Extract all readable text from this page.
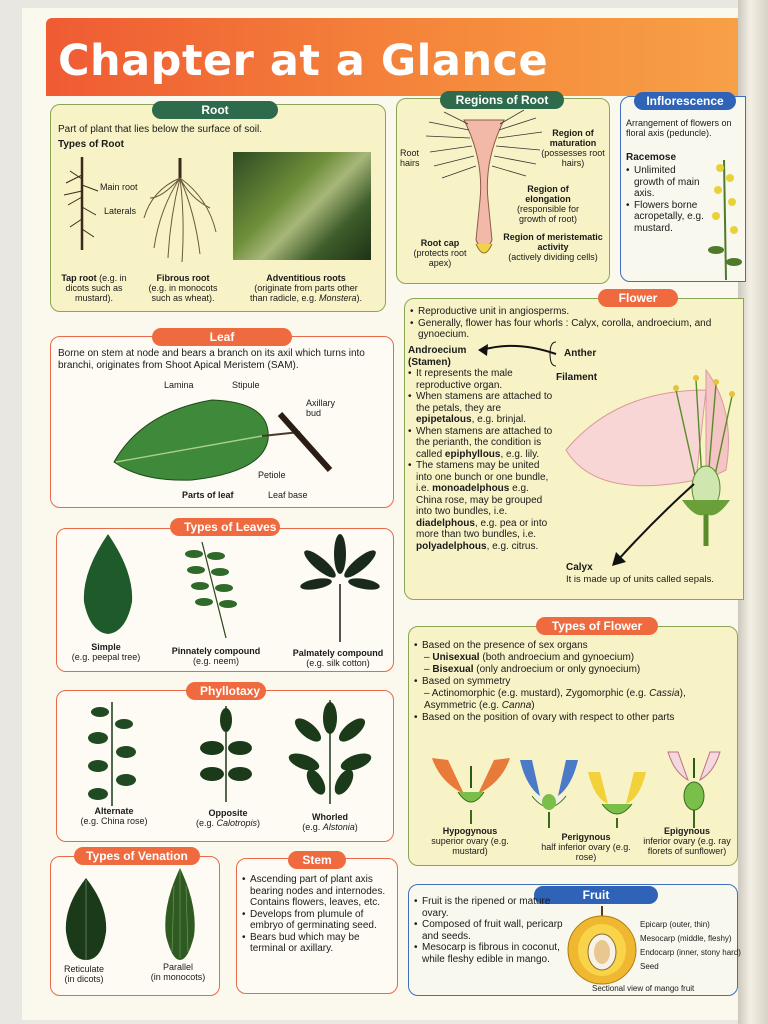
Chapter at a Glance
Root
Part of plant that lies below the surface of soil.
Types of Root
Main root
Laterals
Tap root (e.g. in dicots such as mustard).
Fibrous root
(e.g. in monocots such as wheat).
Adventitious roots
(originate from parts other
than radicle, e.g. Monstera).
Regions of Root
Root hairs
Region of maturation
(possesses root hairs)
Region of elongation
(responsible for growth of root)
Region of meristematic activity
(actively dividing cells)
Root cap
(protects root apex)
Inflorescence
Arrangement of flowers on floral axis (peduncle).
Racemose
• Unlimited growth of main axis.
• Flowers borne acropetally, e.g. mustard.
Leaf
Borne on stem at node and bears a branch on its axil which turns into branchi, originates from Shoot Apical Meristem (SAM).
Lamina	Stipule
Axillary bud
Petiole
Parts of leaf	Leaf base
Types of Leaves
Simple
(e.g. peepal tree)
Pinnately compound
(e.g. neem)
Palmately compound
(e.g. silk cotton)
Phyllotaxy
Alternate
(e.g. China rose)
Opposite
(e.g. Calotropis)
Whorled
(e.g. Alstonia)
Types of Venation
Reticulate
(in dicots)
Parallel
(in monocots)
Stem
• Ascending part of plant axis bearing nodes and internodes. Contains flowers, leaves, etc.
• Develops from plumule of embryo of germinating seed.
• Bears bud which may be terminal or axillary.
Flower
• Reproductive unit in angiosperms.
• Generally, flower has four whorls : Calyx, corolla, androecium, and gynoecium.
Androecium
(Stamen)
Anther
Filament
• It represents the male reproductive organ.
• When stamens are attached to the petals, they are epipetalous, e.g. brinjal.
• When stamens are attached to the perianth, the condition is called epiphyllous, e.g. lily.
• The stamens may be united into one bunch or one bundle, i.e. monoadelphous e.g. China rose, may be grouped into two bundles, i.e. diadelphous, e.g. pea or into more than two bundles, i.e. polyadelphous, e.g. citrus.
Calyx
It is made up of units called sepals.
Types of Flower
• Based on the presence of sex organs
– Unisexual (both androecium and gynoecium)
– Bisexual (only androecium or only gynoecium)
• Based on symmetry
– Actinomorphic (e.g. mustard), Zygomorphic (e.g. Cassia),
Asymmetric (e.g. Canna)
• Based on the position of ovary with respect to other parts
Hypogynous
superior ovary (e.g. mustard)
Perigynous
half inferior ovary (e.g. rose)
Epigynous
inferior ovary (e.g. ray florets of sunflower)
Fruit
• Fruit is the ripened or mature ovary.
• Composed of fruit wall, pericarp and seeds.
• Mesocarp is fibrous in coconut, while fleshy edible in mango.
Epicarp (outer, thin)
Mesocarp (middle, fleshy)
Endocarp (inner, stony hard)
Seed
Sectional view of mango fruit
